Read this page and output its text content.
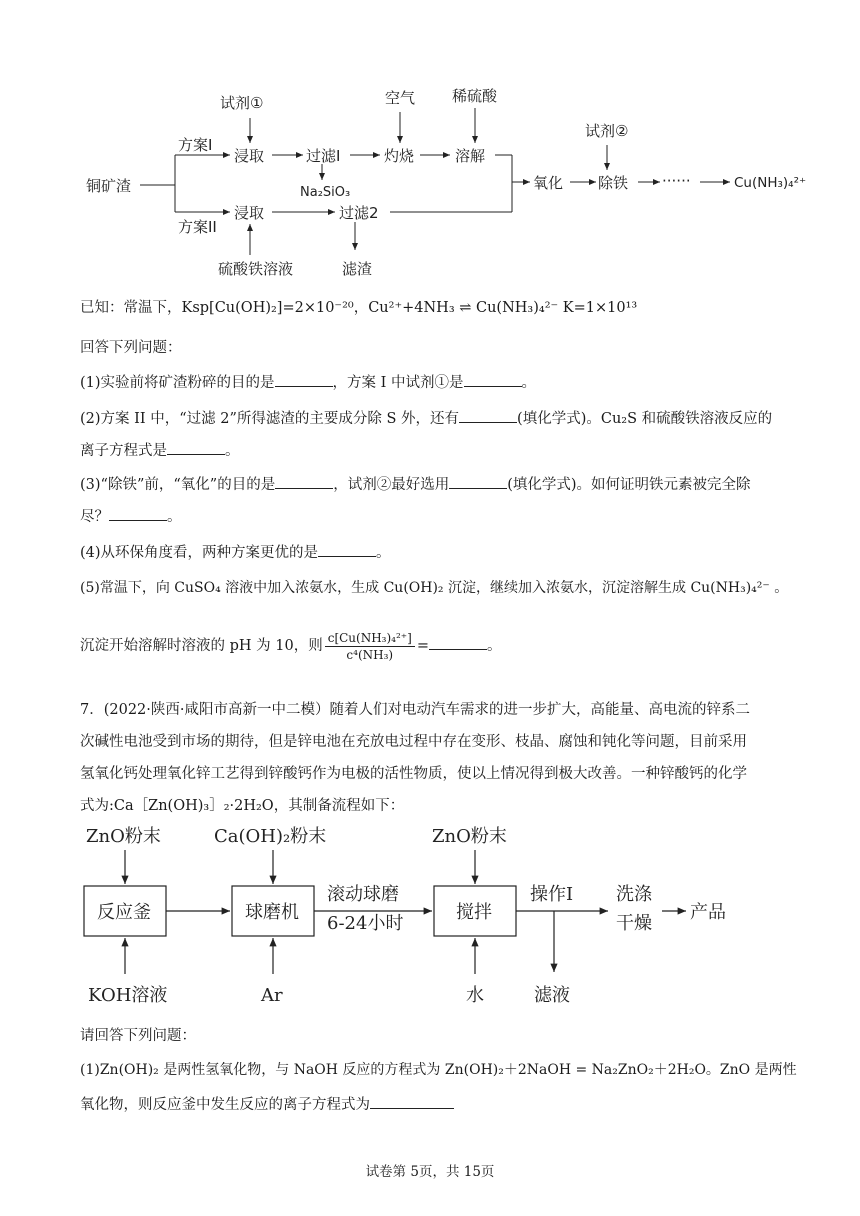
铜矿渣
方案I
方案II
试剂①
浸取	过滤I
Na₂SiO₃
空气
灼烧
稀硫酸
溶解
浸取
硫酸铁溶液
过滤2
滤渣
氧化
试剂②
除铁 ······	Cu(NH₃)₄²⁺
已知：常温下，Ksp[Cu(OH)₂]=2×10⁻²⁰，Cu²⁺+4NH₃ ⇌ Cu(NH₃)₄²⁻ K=1×10¹³
回答下列问题：
(1)实验前将矿渣粉碎的目的是	，方案 I 中试剂①是	。
(2)方案 II 中，“过滤 2”所得滤渣的主要成分除 S 外，还有	(填化学式)。Cu₂S 和硫酸铁溶液反应的
离子方程式是	。
(3)“除铁”前，“氧化”的目的是	，试剂②最好选用	(填化学式)。如何证明铁元素被完全除
尽？	。
(4)从环保角度看，两种方案更优的是	。
(5)常温下，向 CuSO₄ 溶液中加入浓氨水，生成 Cu(OH)₂ 沉淀，继续加入浓氨水，沉淀溶解生成 Cu(NH₃)₄²⁻ 。
沉淀开始溶解时溶液的 pH 为 10，则 $\frac{\text{c[Cu(NH₃)₄²⁺]}}{\text{c⁴(NH₃)}}$ =	。
7．(2022·陕西·咸阳市高新一中二模）随着人们对电动汽车需求的进一步扩大，高能量、高电流的锌系二
次碱性电池受到市场的期待，但是锌电池在充放电过程中存在变形、枝晶、腐蚀和钝化等问题，目前采用
氢氧化钙处理氧化锌工艺得到锌酸钙作为电极的活性物质，使以上情况得到极大改善。一种锌酸钙的化学
式为:Ca［Zn(OH)₃］₂·2H₂O，其制备流程如下：
ZnO粉末	Ca(OH)₂粉末	ZnO粉末
反应釜	球磨机
滚动球磨
6-24小时
搅拌
操作I 洗涤
干燥
产品
KOH溶液	Ar	水	滤液
请回答下列问题：
(1)Zn(OH)₂ 是两性氢氧化物，与 NaOH 反应的方程式为 Zn(OH)₂＋2NaOH = Na₂ZnO₂＋2H₂O。ZnO 是两性
氧化物，则反应釜中发生反应的离子方程式为
试卷第 5页，共 15页
